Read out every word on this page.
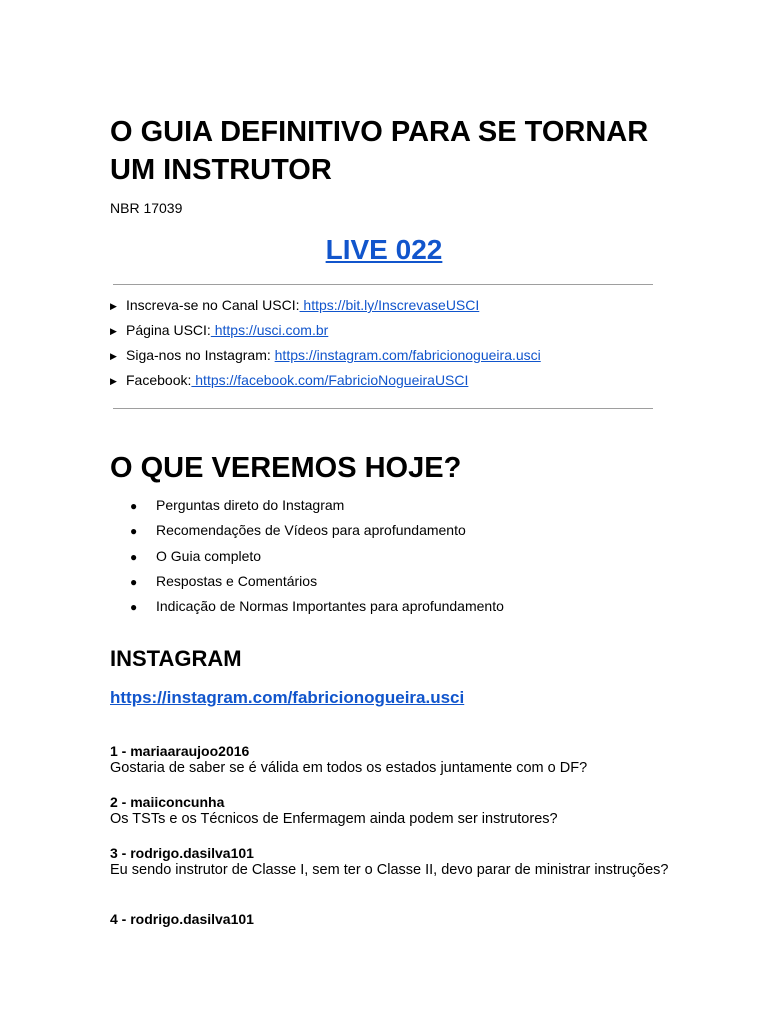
O GUIA DEFINITIVO PARA SE TORNAR UM INSTRUTOR
NBR 17039
LIVE 022
▶ Inscreva-se no Canal USCI: https://bit.ly/InscrevaseUSCI
▶ Página USCI: https://usci.com.br
▶ Siga-nos no Instagram: https://instagram.com/fabricionogueira.usci
▶ Facebook: https://facebook.com/FabricioNogueiraUSCI
O QUE VEREMOS HOJE?
● Perguntas direto do Instagram
● Recomendações de Vídeos para aprofundamento
● O Guia completo
● Respostas e Comentários
● Indicação de Normas Importantes para aprofundamento
INSTAGRAM
https://instagram.com/fabricionogueira.usci
1 - mariaaraujoo2016
Gostaria de saber se é válida em todos os estados juntamente com o DF?
2 - maiiconcunha
Os TSTs e os Técnicos de Enfermagem ainda podem ser instrutores?
3 - rodrigo.dasilva101
Eu sendo instrutor de Classe I, sem ter o Classe II, devo parar de ministrar instruções?
4 - rodrigo.dasilva101
